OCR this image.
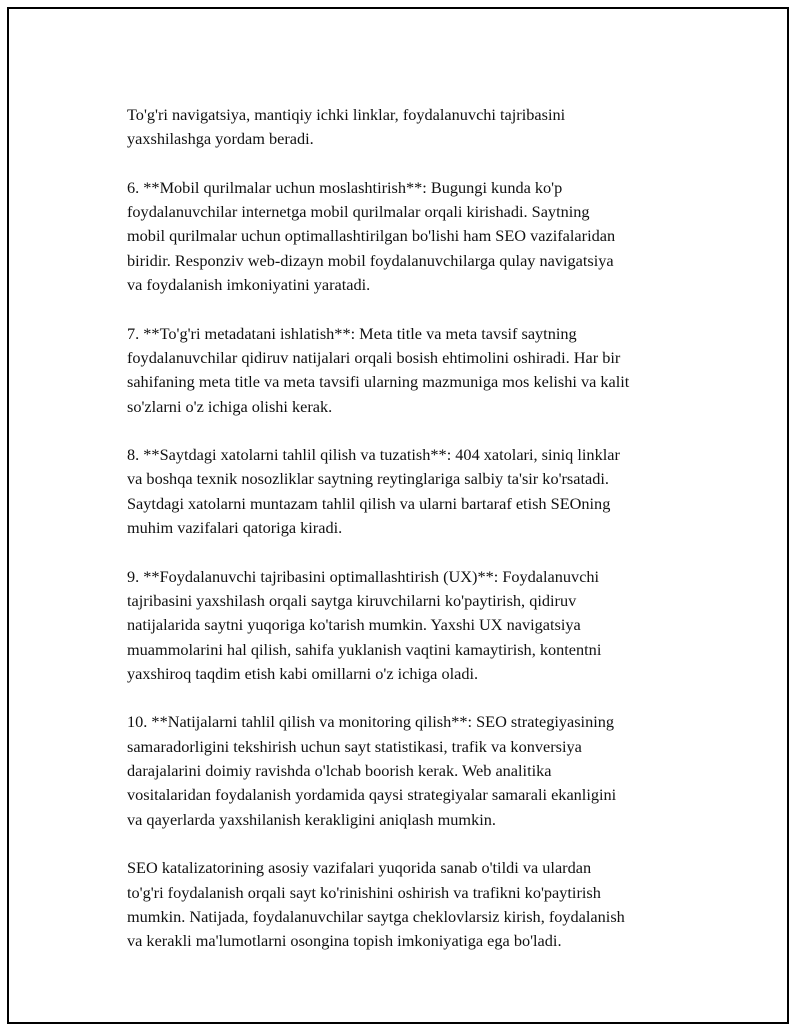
To'g'ri navigatsiya, mantiqiy ichki linklar, foydalanuvchi tajribasini
yaxshilashga yordam beradi.

6. **Mobil qurilmalar uchun moslashtirish**: Bugungi kunda ko'p
foydalanuvchilar internetga mobil qurilmalar orqali kirishadi. Saytning
mobil qurilmalar uchun optimallashtirilgan bo'lishi ham SEO vazifalaridan
biridir. Responziv web-dizayn mobil foydalanuvchilarga qulay navigatsiya
va foydalanish imkoniyatini yaratadi.

7. **To'g'ri metadatani ishlatish**: Meta title va meta tavsif saytning
foydalanuvchilar qidiruv natijalari orqali bosish ehtimolini oshiradi. Har bir
sahifaning meta title va meta tavsifi ularning mazmuniga mos kelishi va kalit
so'zlarni o'z ichiga olishi kerak.

8. **Saytdagi xatolarni tahlil qilish va tuzatish**: 404 xatolari, siniq linklar
va boshqa texnik nosozliklar saytning reytinglariga salbiy ta'sir ko'rsatadi.
Saytdagi xatolarni muntazam tahlil qilish va ularni bartaraf etish SEOning
muhim vazifalari qatoriga kiradi.

9. **Foydalanuvchi tajribasini optimallashtirish (UX)**: Foydalanuvchi
tajribasini yaxshilash orqali saytga kiruvchilarni ko'paytirish, qidiruv
natijalarida saytni yuqoriga ko'tarish mumkin. Yaxshi UX navigatsiya
muammolarini hal qilish, sahifa yuklanish vaqtini kamaytirish, kontentni
yaxshiroq taqdim etish kabi omillarni o'z ichiga oladi.

10. **Natijalarni tahlil qilish va monitoring qilish**: SEO strategiyasining
samaradorligini tekshirish uchun sayt statistikasi, trafik va konversiya
darajalarini doimiy ravishda o'lchab boorish kerak. Web analitika
vositalaridan foydalanish yordamida qaysi strategiyalar samarali ekanligini
va qayerlarda yaxshilanish kerakligini aniqlash mumkin.

SEO katalizatorining asosiy vazifalari yuqorida sanab o'tildi va ulardan
to'g'ri foydalanish orqali sayt ko'rinishini oshirish va trafikni ko'paytirish
mumkin. Natijada, foydalanuvchilar saytga cheklovlarsiz kirish, foydalanish
va kerakli ma'lumotlarni osongina topish imkoniyatiga ega bo'ladi.
